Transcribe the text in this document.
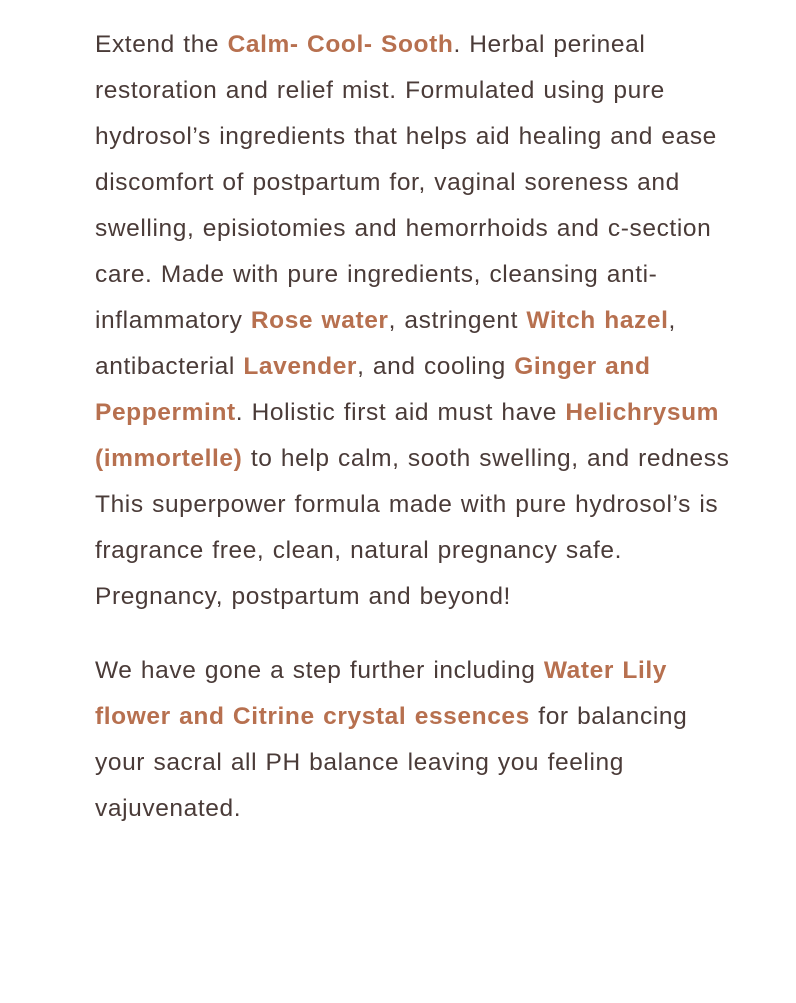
Extend the Calm- Cool- Sooth. Herbal perineal restoration and relief mist. Formulated using pure hydrosol’s ingredients that helps aid healing and ease discomfort of postpartum for, vaginal soreness and swelling, episiotomies and hemorrhoids and c-section care. Made with pure ingredients, cleansing anti-inflammatory Rose water, astringent Witch hazel, antibacterial Lavender, and cooling Ginger and Peppermint. Holistic first aid must have Helichrysum (immortelle) to help calm, sooth swelling, and redness This superpower formula made with pure hydrosol’s is fragrance free, clean, natural pregnancy safe. Pregnancy, postpartum and beyond!

We have gone a step further including Water Lily flower and Citrine crystal essences for balancing your sacral all PH balance leaving you feeling vajuvenated.
